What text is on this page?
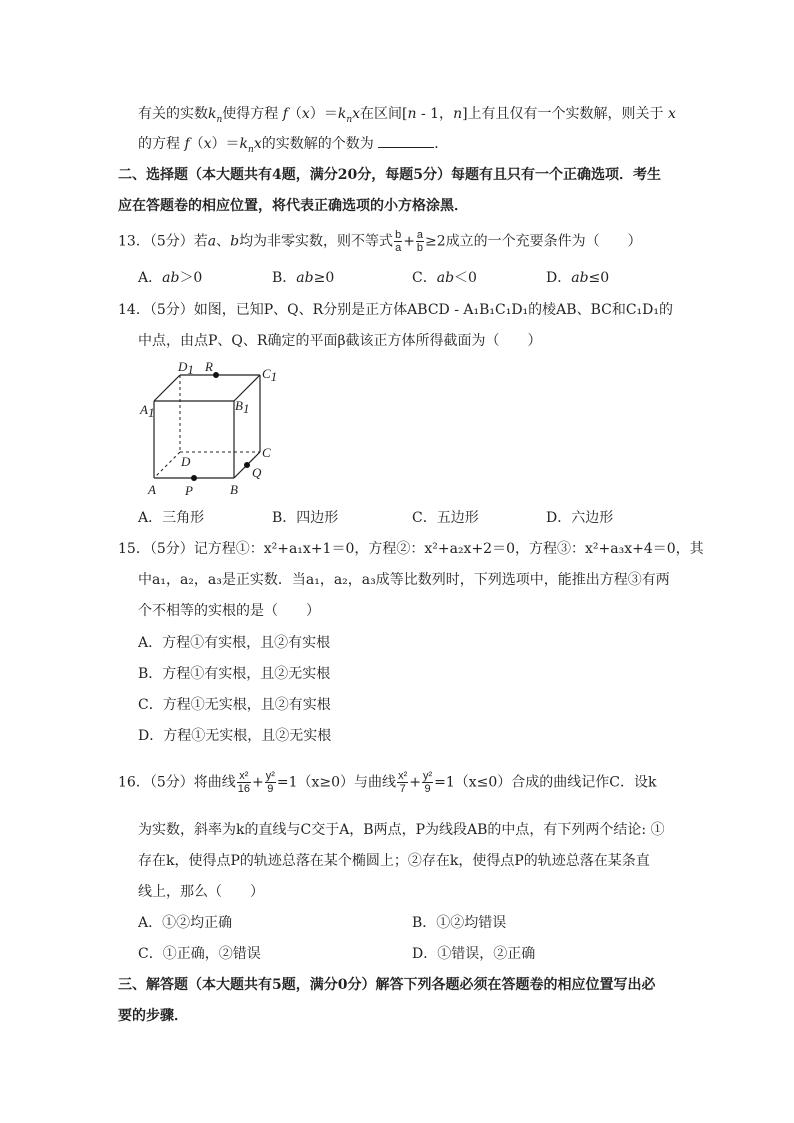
有关的实数$k_n$使得方程 $f(x)=k_nx$在区间[n - 1，n]上有且仅有一个实数解，则关于 x
的方程 $f(x)=k_nx$的实数解的个数为	．
二、选择题（本大题共有4题，满分20分，每题5分）每题有且只有一个正确选项．考生
应在答题卷的相应位置，将代表正确选项的小方格涂黑．
13．（5分）若a、b均为非零实数，则不等式 $\frac{b}{a} + \frac{a}{b} \ge 2$成立的一个充要条件为（　　）
A．ab＞0	B．ab≥0	C．ab＜0	D．ab≤0
14．（5分）如图，已知P、Q、R分别是正方体ABCD - A₁B₁C₁D₁的棱AB、BC和C₁D₁的
中点，由点P、Q、R确定的平面β截该正方体所得截面为（　　）
D1 R	C1
A1	B1
C
D
Q
A P	B
A．三角形	B．四边形	C．五边形	D．六边形
15．（5分）记方程①：x²+a₁x+1＝0，方程②：x²+a₂x+2＝0，方程③：x²+a₃x+4＝0，其
中a₁，a₂，a₃是正实数．当a₁，a₂，a₃成等比数列时，下列选项中，能推出方程③有两
个不相等的实根的是（　　）
A．方程①有实根，且②有实根
B．方程①有实根，且②无实根
C．方程①无实根，且②有实根
D．方程①无实根，且②无实根
16．（5分）将曲线 $\frac{\text{x²}}{16} + \frac{\text{y²}}{9} =1(x\ge 0)$与曲线 $\frac{\text{x²}}{7} + \frac{\text{y²}}{9} =1(x\le 0)$合成的曲线记作C．设k
为实数，斜率为k的直线与C交于A，B两点，P为线段AB的中点，有下列两个结论: ①
存在k，使得点P的轨迹总落在某个椭圆上；②存在k，使得点P的轨迹总落在某条直
线上，那么（　　）
A．①②均正确	B．①②均错误
C．①正确，②错误	D．①错误，②正确
三、解答题（本大题共有5题，满分0分）解答下列各题必须在答题卷的相应位置写出必
要的步骤．
